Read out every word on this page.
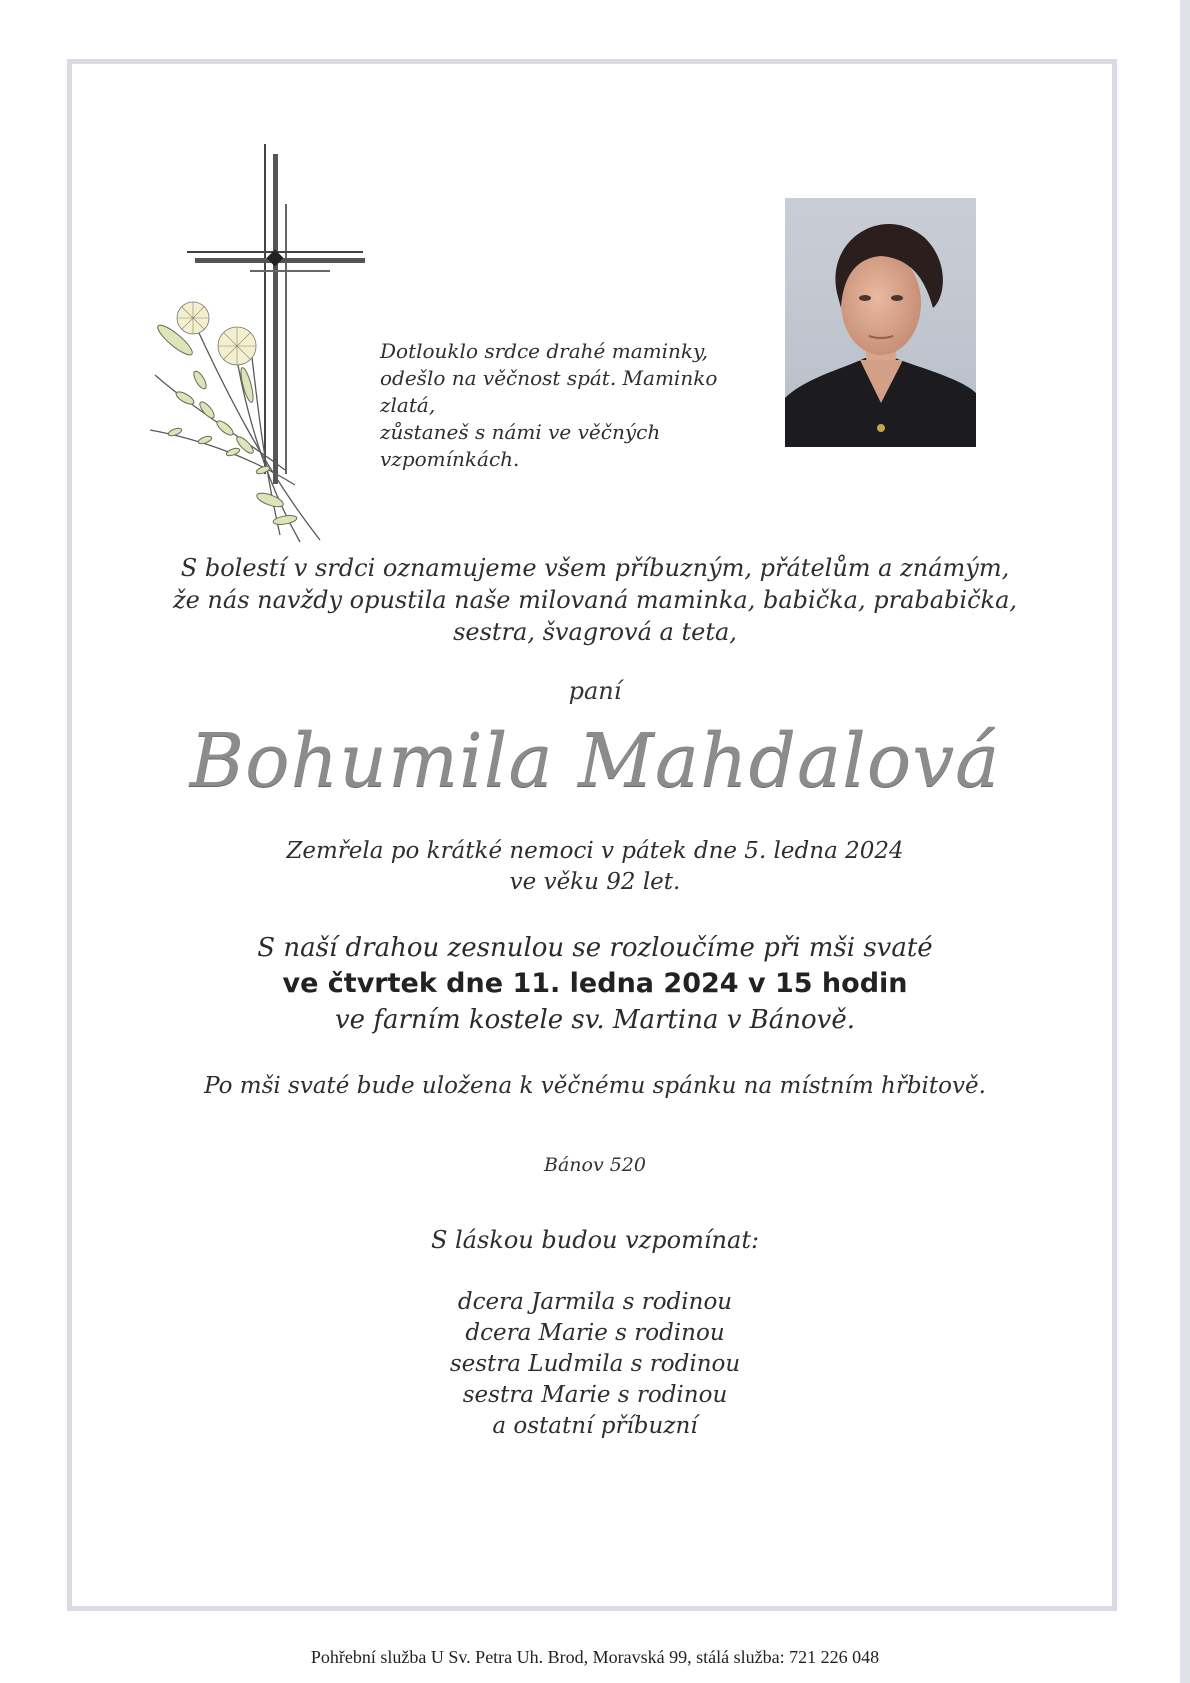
Dotlouklo srdce drahé maminky,
odešlo na věčnost spát. Maminko zlatá,
zůstaneš s námi ve věčných vzpomínkách.
S bolestí v srdci oznamujeme všem příbuzným, přátelům a známým,
že nás navždy opustila naše milovaná maminka, babička, prababička,
sestra, švagrová a teta,
paní
Bohumila Mahdalová
Zemřela po krátké nemoci v pátek dne 5. ledna 2024
ve věku 92 let.
S naší drahou zesnulou se rozloučíme při mši svaté
ve čtvrtek dne 11. ledna 2024 v 15 hodin
ve farním kostele sv. Martina v Bánově.
Po mši svaté bude uložena k věčnému spánku na místním hřbitově.
Bánov 520
S láskou budou vzpomínat:
dcera Jarmila s rodinou
dcera Marie s rodinou
sestra Ludmila s rodinou
sestra Marie s rodinou
a ostatní příbuzní
Pohřební služba U Sv. Petra Uh. Brod, Moravská 99, stálá služba: 721 226 048
